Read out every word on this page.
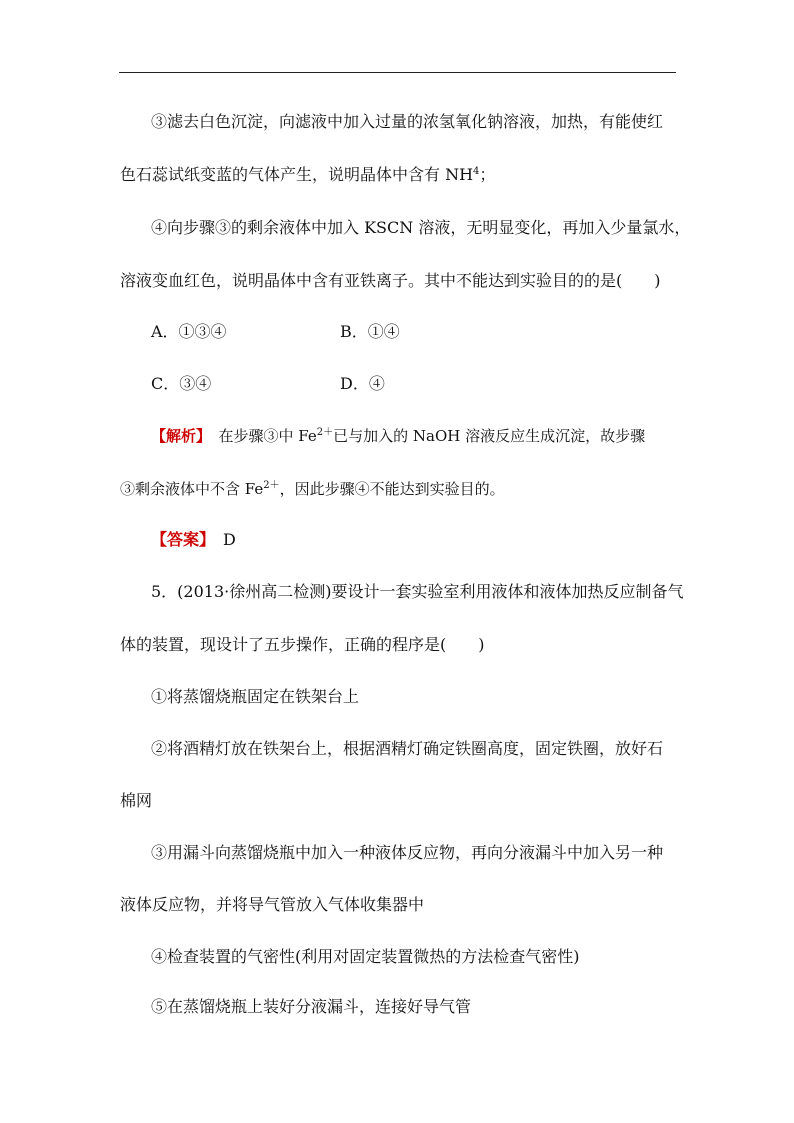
③滤去白色沉淀，向滤液中加入过量的浓氢氧化钠溶液，加热，有能使红
色石蕊试纸变蓝的气体产生，说明晶体中含有 $NH^4$；
④向步骤③的剩余液体中加入 KSCN 溶液，无明显变化，再加入少量氯水，
溶液变血红色，说明晶体中含有亚铁离子。其中不能达到实验目的的是(　　)
A．①③④	B．①④
C．③④	D．④
【解析】　在步骤③中 $Fe^{2+}$已与加入的 NaOH 溶液反应生成沉淀，故步骤
③剩余液体中不含 $Fe^{2+}$，因此步骤④不能达到实验目的。
【答案】　 D
5．(2013·徐州高二检测)要设计一套实验室利用液体和液体加热反应制备气
体的装置，现设计了五步操作，正确的程序是(　　)
①将蒸馏烧瓶固定在铁架台上
②将酒精灯放在铁架台上，根据酒精灯确定铁圈高度，固定铁圈，放好石
棉网
③用漏斗向蒸馏烧瓶中加入一种液体反应物，再向分液漏斗中加入另一种
液体反应物，并将导气管放入气体收集器中
④检查装置的气密性(利用对固定装置微热的方法检查气密性)
⑤在蒸馏烧瓶上装好分液漏斗，连接好导气管
